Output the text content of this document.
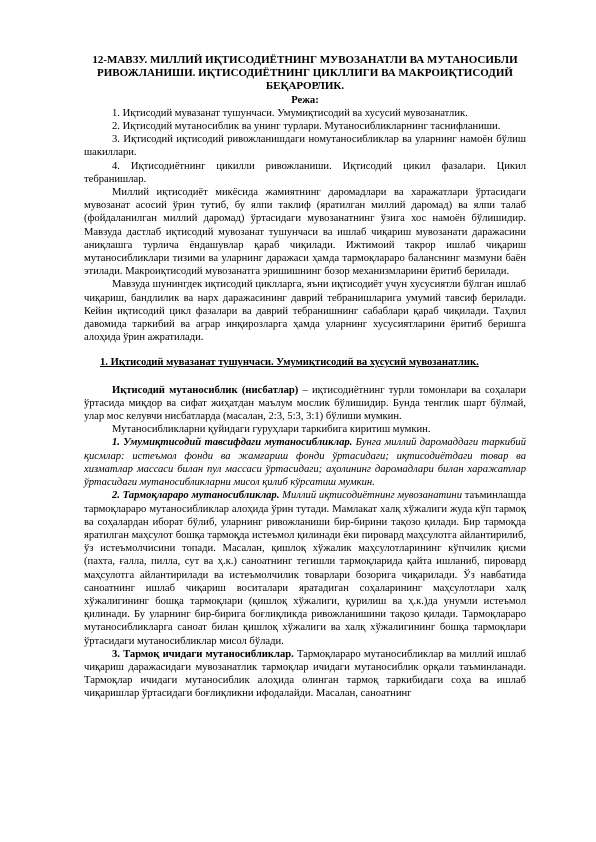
12-МАВЗУ. МИЛЛИЙ ИҚТИСОДИЁТНИНГ МУВОЗАНАТЛИ ВА МУТАНОСИБЛИ РИВОЖЛАНИШИ. ИҚТИСОДИЁТНИНГ ЦИКЛЛИГИ ВА МАКРОИҚТИСОДИЙ БЕҚАРОРЛИК.
Режа:

1. Иқтисодий мувазанат тушунчаси. Умумиқтисодий ва хусусий мувозанатлик.

2. Иқтисодий мутаносиблик ва унинг турлари. Мутаносибликларнинг таснифланиши.

3. Иқтисодий иқтисодий ривожланишдаги номутаносибликлар ва уларнинг намоён бўлиш шакиллари.

4. Иқтисодиётнинг цикилли ривожланиши. Иқтисодий цикил фазалари. Цикил тебранишлар.

Миллий иқтисодиёт микёсида жамиятнинг даромадлари ва харажатлари ўртасидаги мувозанат асосий ўрин тутиб, бу ялпи таклиф (яратилган миллий даромад) ва ялпи талаб (фойдаланилган миллий даромад) ўртасидаги мувозанатнинг ўзига хос намоён бўлишидир. Мавзуда дастлаб иқтисодий мувозанат тушунчаси ва ишлаб чиқариш мувозанати даражасини аниқлашга турлича ёндашувлар қараб чиқилади. Ижтимоий такрор ишлаб чиқариш мутаносибликлари тизими ва уларнинг даражаси ҳамда тармоқлараро баланснинг мазмуни баён этилади. Макроиқтисодий мувозанатга эришишнинг бозор механизмларини ёритиб берилади.

Мавзуда шунингдек иқтисодий циклларга, яъни иқтисодиёт учун хусусиятли бўлган ишлаб чиқариш, бандлилик ва нарх даражасининг даврий тебранишларига умумий тавсиф берилади. Кейин иқтисодий цикл фазалари ва даврий тебранишнинг сабаблари қараб чиқилади. Таҳлил давомида таркибий ва аграр инқирозларга ҳамда уларнинг хусусиятларини ёритиб беришга алоҳида ўрин ажратилади.

1. Иқтисодий мувазанат тушунчаси. Умумиқтисодий ва хусусий мувозанатлик.

Иқтисодий мутаносиблик (нисбатлар) – иқтисодиётнинг турли томонлари ва соҳалари ўртасида миқдор ва сифат жиҳатдан маълум мослик бўлишидир. Бунда тенглик шарт бўлмай, улар мос келувчи нисбатларда (масалан, 2:3, 5:3, 3:1) бўлиши мумкин.

Мутаносибликларни қуйидаги гуруҳлари таркибига киритиш мумкин.

1. Умумиқтисодий тавсифдаги мутаносибликлар. Бунга миллий даромаддаги таркибий қисмлар: истеъмол фонди ва жамғариш фонди ўртасидаги; иқтисодиётдаги товар ва хизматлар массаси билан пул массаси ўртасидаги; аҳолининг даромадлари билан харажатлар ўртасидаги мутаносибликларни мисол қилиб кўрсатиш мумкин.

2. Тармоқлараро мутаносибликлар. Миллий иқтисодиётнинг мувозанатини таъминлашда тармоқлараро мутаносибликлар алоҳида ўрин тутади. Мамлакат халқ хўжалиги жуда кўп тармоқ ва соҳалардан иборат бўлиб, уларнинг ривожланиши бир-бирини тақозо қилади. Бир тармоқда яратилган маҳсулот бошқа тармоқда истеъмол қилинади ёки пировард маҳсулотга айлантирилиб, ўз истеъмолчисини топади. Масалан, қишлоқ хўжалик маҳсулотларининг кўпчилик қисми (пахта, ғалла, пилла, сут ва ҳ.к.) саноатнинг тегишли тармоқларида қайта ишланиб, пировард маҳсулотга айлантирилади ва истеъмолчилик товарлари бозорига чиқарилади. Ўз навбатида саноатнинг ишлаб чиқариш воситалари яратадиган соҳаларининг маҳсулотлари халқ хўжалигининг бошқа тармоқлари (қишлоқ хўжалиги, қурилиш ва ҳ.к.)да унумли истеъмол қилинади. Бу уларнинг бир-бирига боғлиқликда ривожланишини тақозо қилади. Тармоқлараро мутаносибликларга саноат билан қишлоқ хўжалиги ва халқ хўжалигининг бошқа тармоқлари ўртасидаги мутаносибликлар мисол бўлади.

3. Тармоқ ичидаги мутаносибликлар. Тармоқлараро мутаносибликлар ва миллий ишлаб чиқариш даражасидаги мувозанатлик тармоқлар ичидаги мутаносиблик орқали таъминланади. Тармоқлар ичидаги мутаносиблик алоҳида олинган тармоқ таркибидаги соҳа ва ишлаб чиқаришлар ўртасидаги боғлиқликни ифодалайди. Масалан, саноатнинг
